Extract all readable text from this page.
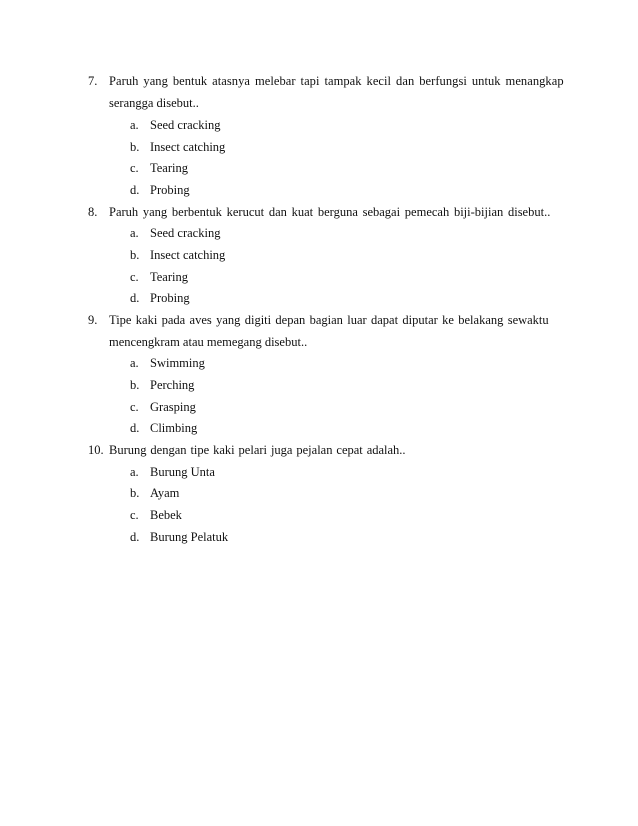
7. Paruh yang bentuk atasnya melebar tapi tampak kecil dan berfungsi untuk menangkap
serangga disebut..
a. Seed cracking
b. Insect catching
c. Tearing
d. Probing
8. Paruh yang berbentuk kerucut dan kuat berguna sebagai pemecah biji-bijian disebut..
a. Seed cracking
b. Insect catching
c. Tearing
d. Probing
9. Tipe kaki pada aves yang digiti depan bagian luar dapat diputar ke belakang sewaktu
mencengkram atau memegang disebut..
a. Swimming
b. Perching
c. Grasping
d. Climbing
10. Burung dengan tipe kaki pelari juga pejalan cepat adalah..
a. Burung Unta
b. Ayam
c. Bebek
d. Burung Pelatuk
